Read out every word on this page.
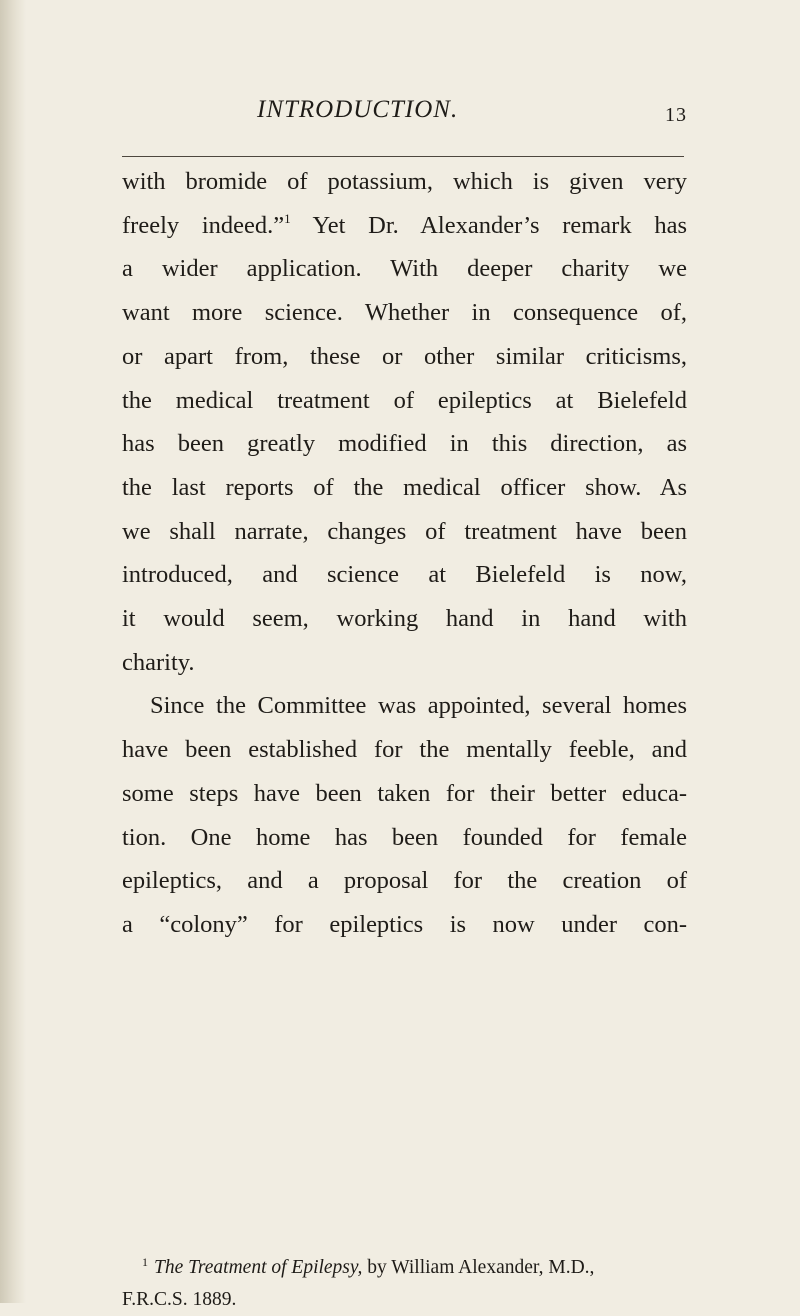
INTRODUCTION.	13
with bromide of potassium, which is given very
freely indeed.”$^1$ Yet Dr. Alexander’s remark has
a wider application. With deeper charity we
want more science. Whether in consequence of,
or apart from, these or other similar criticisms,
the medical treatment of epileptics at Bielefeld
has been greatly modified in this direction, as
the last reports of the medical officer show. As
we shall narrate, changes of treatment have been
introduced, and science at Bielefeld is now,
it would seem, working hand in hand with
charity.
Since the Committee was appointed, several homes
have been established for the mentally feeble, and
some steps have been taken for their better educa-
tion. One home has been founded for female
epileptics, and a proposal for the creation of
a “colony” for epileptics is now under con-
$^1$ The Treatment of Epilepsy, by William Alexander, M.D.,
F.R.C.S. 1889.
